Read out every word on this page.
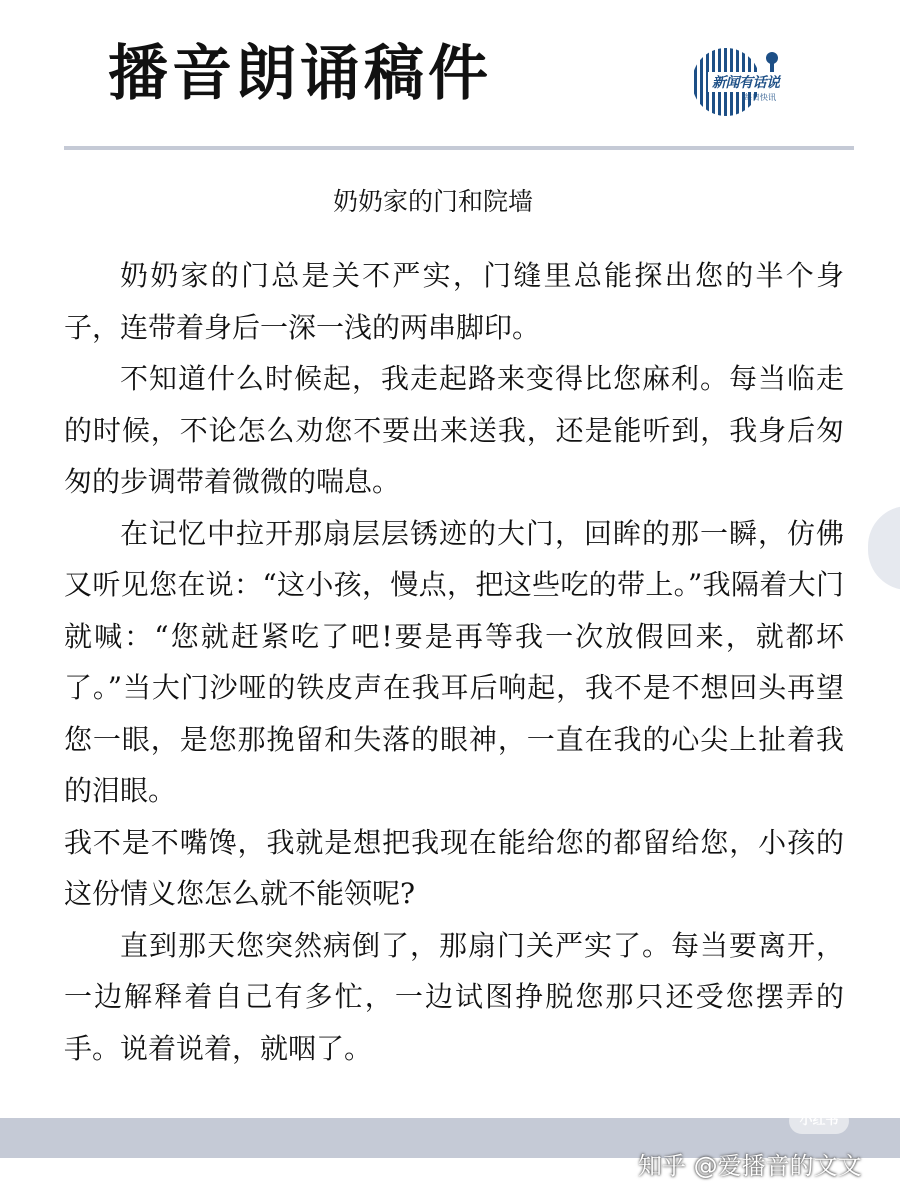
播音朗诵稿件	新闻有话说
每日快讯
奶奶家的门和院墙

奶奶家的门总是关不严实，门缝里总能探出您的半个身子，连带着身后一深一浅的两串脚印。

不知道什么时候起，我走起路来变得比您麻利。每当临走的时候，不论怎么劝您不要出来送我，还是能听到，我身后匆匆的步调带着微微的喘息。

在记忆中拉开那扇层层锈迹的大门，回眸的那一瞬，仿佛又听见您在说：“这小孩，慢点，把这些吃的带上。”我隔着大门就喊：“您就赶紧吃了吧!要是再等我一次放假回来，就都坏了。”当大门沙哑的铁皮声在我耳后响起，我不是不想回头再望您一眼，是您那挽留和失落的眼神，一直在我的心尖上扯着我的泪眼。

我不是不嘴馋，我就是想把我现在能给您的都留给您，小孩的这份情义您怎么就不能领呢?

直到那天您突然病倒了，那扇门关严实了。每当要离开，一边解释着自己有多忙，一边试图挣脱您那只还受您摆弄的手。说着说着，就咽了。

小红书
知乎 @爱播音的文文
